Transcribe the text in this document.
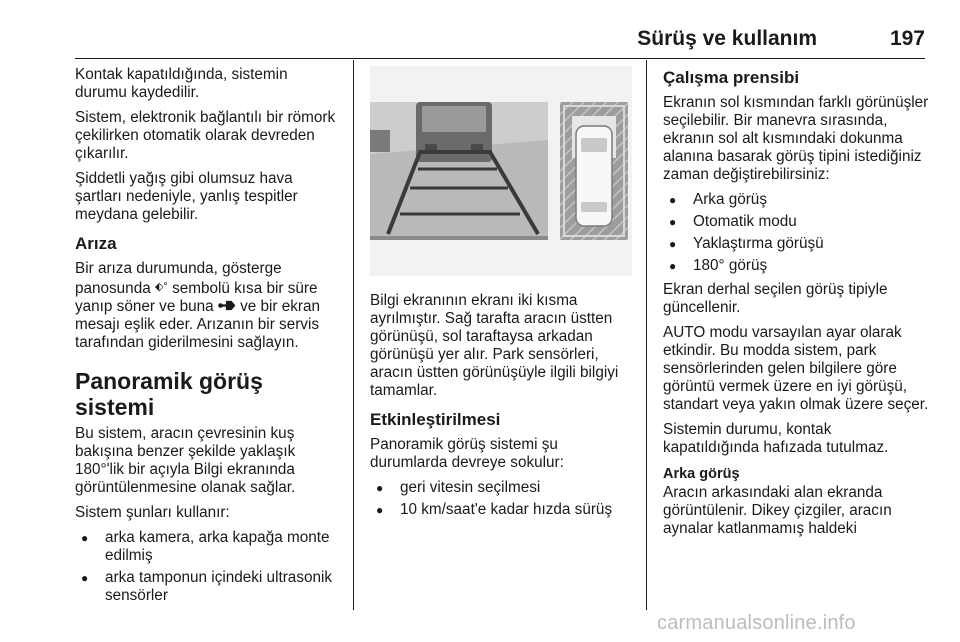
Sürüş ve kullanım	197

Kontak kapatıldığında, sistemin durumu kaydedilir.

Sistem, elektronik bağlantılı bir römork çekilirken otomatik olarak devreden çıkarılır.

Şiddetli yağış gibi olumsuz hava şartları nedeniyle, yanlış tespitler meydana gelebilir.

Arıza

Bir arıza durumunda, gösterge panosunda ⬖° sembolü kısa bir süre yanıp söner ve buna ve bir ekran mesajı eşlik eder. Arızanın bir servis tarafından giderilmesini sağlayın.

Panoramik görüş sistemi

Bu sistem, aracın çevresinin kuş bakışına benzer şekilde yaklaşık 180°'lik bir açıyla Bilgi ekranında görüntülenmesine olanak sağlar.

Sistem şunları kullanır:

● arka kamera, arka kapağa monte edilmiş
● arka tamponun içindeki ultrasonik sensörler

Bilgi ekranının ekranı iki kısma ayrılmıştır. Sağ tarafta aracın üstten görünüşü, sol taraftaysa arkadan görünüşü yer alır. Park sensörleri, aracın üstten görünüşüyle ilgili bilgiyi tamamlar.

Etkinleştirilmesi

Panoramik görüş sistemi şu durumlarda devreye sokulur:

● geri vitesin seçilmesi
● 10 km/saat'e kadar hızda sürüş
Çalışma prensibi

Ekranın sol kısmından farklı görünüşler seçilebilir. Bir manevra sırasında, ekranın sol alt kısmındaki dokunma alanına basarak görüş tipini istediğiniz zaman değiştirebilirsiniz:

● Arka görüş
● Otomatik modu
● Yaklaştırma görüşü
● 180° görüş

Ekran derhal seçilen görüş tipiyle güncellenir.

AUTO modu varsayılan ayar olarak etkindir. Bu modda sistem, park sensörlerinden gelen bilgilere göre görüntü vermek üzere en iyi görüşü, standart veya yakın olmak üzere seçer.

Sistemin durumu, kontak kapatıldığında hafızada tutulmaz.

Arka görüş

Aracın arkasındaki alan ekranda görüntülenir. Dikey çizgiler, aracın aynalar katlanmamış haldeki

carmanualsonline.info
